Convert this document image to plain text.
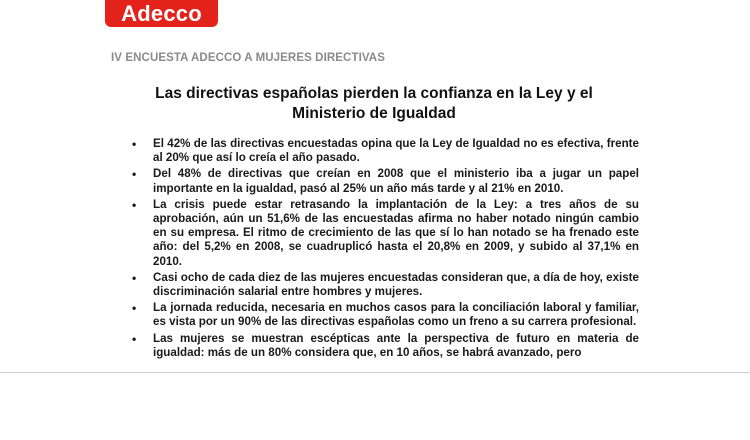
Adecco
IV ENCUESTA ADECCO A MUJERES DIRECTIVAS
Las directivas españolas pierden la confianza en la Ley y el
Ministerio de Igualdad
• El 42% de las directivas encuestadas opina que la Ley de Igualdad no es efectiva, frente al 20% que así lo creía el año pasado.
• Del 48% de directivas que creían en 2008 que el ministerio iba a jugar un papel importante en la igualdad, pasó al 25% un año más tarde y al 21% en 2010.
• La crisis puede estar retrasando la implantación de la Ley: a tres años de su aprobación, aún un 51,6% de las encuestadas afirma no haber notado ningún cambio en su empresa. El ritmo de crecimiento de las que sí lo han notado se ha frenado este año: del 5,2% en 2008, se cuadruplicó hasta el 20,8% en 2009, y subido al 37,1% en 2010.
• Casi ocho de cada diez de las mujeres encuestadas consideran que, a día de hoy, existe discriminación salarial entre hombres y mujeres.
• La jornada reducida, necesaria en muchos casos para la conciliación laboral y familiar, es vista por un 90% de las directivas españolas como un freno a su carrera profesional.
• Las mujeres se muestran escépticas ante la perspectiva de futuro en materia de igualdad: más de un 80% considera que, en 10 años, se habrá avanzado, pero
